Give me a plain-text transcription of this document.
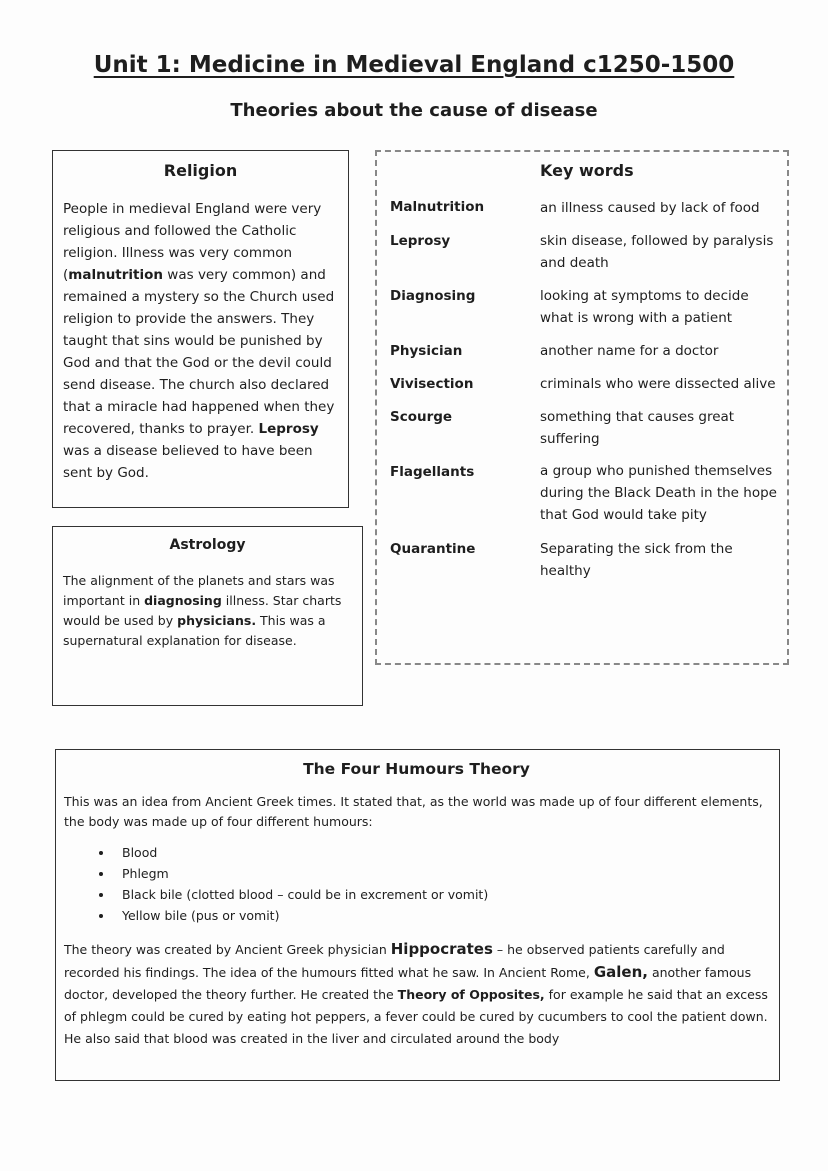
Unit 1: Medicine in Medieval England c1250-1500
Theories about the cause of disease
Religion

People in medieval England were very religious and followed the Catholic religion. Illness was very common (malnutrition was very common) and remained a mystery so the Church used religion to provide the answers. They taught that sins would be punished by God and that the God or the devil could send disease. The church also declared that a miracle had happened when they recovered, thanks to prayer. Leprosy was a disease believed to have been sent by God.

Astrology

The alignment of the planets and stars was important in diagnosing illness. Star charts would be used by physicians. This was a supernatural explanation for disease.

Key words
Malnutrition	an illness caused by lack of food
Leprosy	skin disease, followed by paralysis and death
Diagnosing	looking at symptoms to decide what is wrong with a patient
Physician	another name for a doctor
Vivisection	criminals who were dissected alive
Scourge	something that causes great suffering
Flagellants	a group who punished themselves during the Black Death in the hope that God would take pity
Quarantine	Separating the sick from the healthy
The Four Humours Theory

This was an idea from Ancient Greek times. It stated that, as the world was made up of four different elements, the body was made up of four different humours:

• Blood
• Phlegm
• Black bile (clotted blood – could be in excrement or vomit)
• Yellow bile (pus or vomit)

The theory was created by Ancient Greek physician Hippocrates – he observed patients carefully and recorded his findings. The idea of the humours fitted what he saw. In Ancient Rome, Galen, another famous doctor, developed the theory further. He created the Theory of Opposites, for example he said that an excess of phlegm could be cured by eating hot peppers, a fever could be cured by cucumbers to cool the patient down. He also said that blood was created in the liver and circulated around the body
